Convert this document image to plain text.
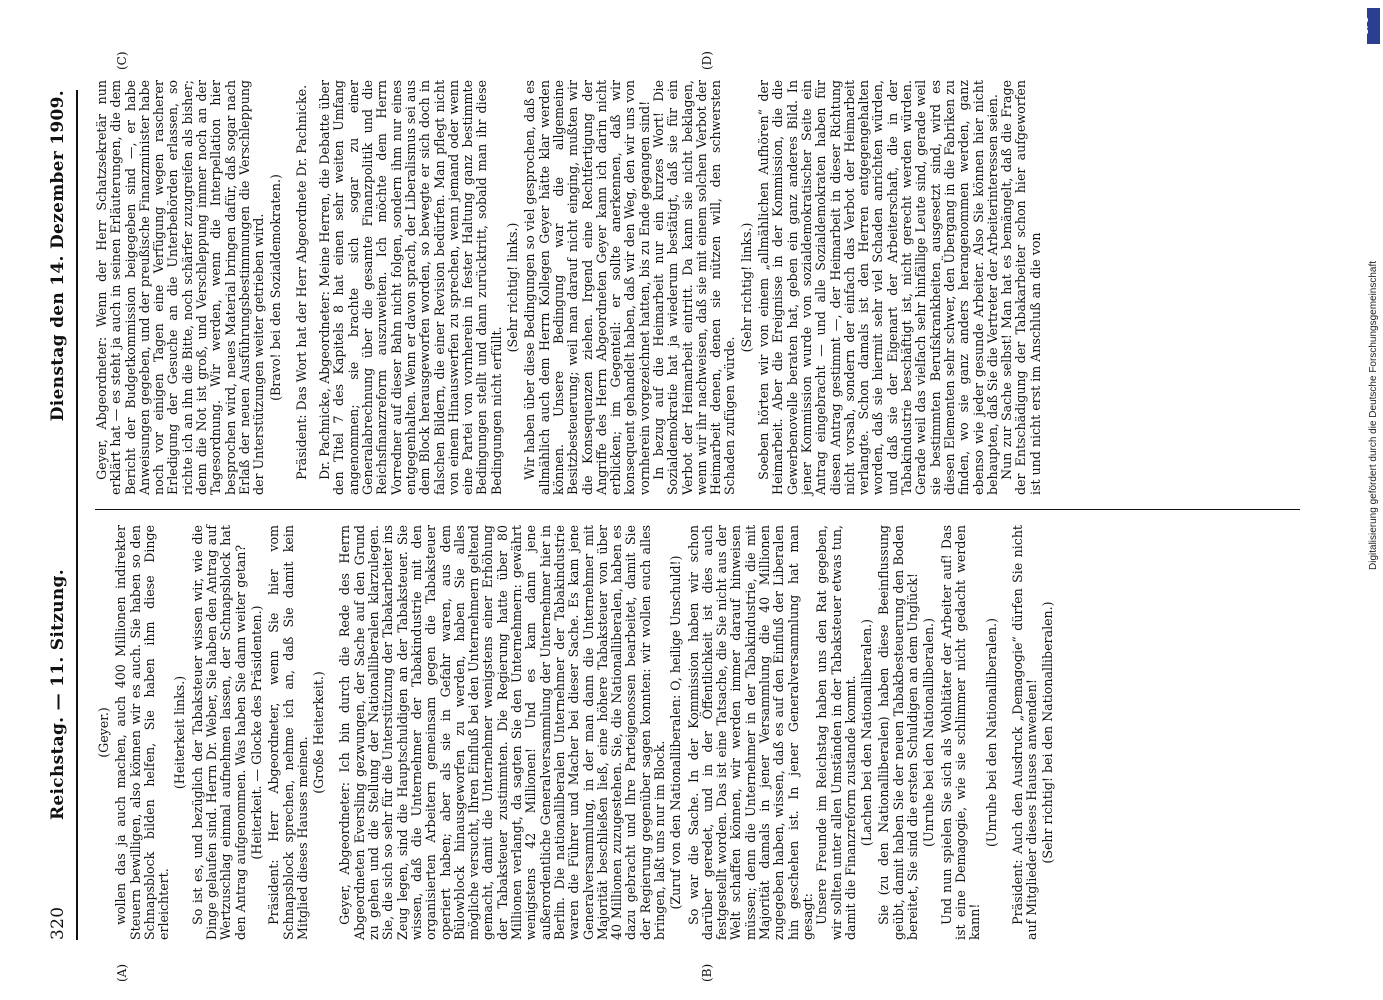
320
Reichstag. — 11. Sitzung.
Dienstag den 14. Dezember 1909.
(A)	(B)
(C)	(D)

(Geyer.) wollen das ja auch machen, auch 400 Millionen indirekter Steuern bewilligen, also können wir es auch. Sie haben so den Schnapsblock bilden helfen, Sie haben ihm diese Dinge erleichtert.

(Heiterkeit links.) So ist es, und bezüglich der Tabaksteuer wissen wir, wie die Dinge gelaufen sind. Herrn Dr. Weber, Sie haben den Antrag auf Wertzuschlag einmal aufnehmen lassen, der Schnapsblock hat den Antrag aufgenommen. Was haben Sie dann weiter getan? (Heiterkeit. — Glocke des Präsidenten.) Präsident: Herr Abgeordneter, wenn Sie hier vom Schnapsblock sprechen, nehme ich an, daß Sie damit kein Mitglied dieses Hauses meinen.

(Große Heiterkeit.) Geyer, Abgeordneter: Ich bin durch die Rede des Herrn Abgeordneten Eversling gezwungen, der Sache auf den Grund zu gehen und die Stellung der Nationalliberalen klarzulegen. Sie, die sich so sehr für die Unterstützung der Tabakarbeiter ins Zeug legen, sind die Hauptschuldigen an der Tabaksteuer. Sie wissen, daß die Unternehmer der Tabakindustrie mit den organisierten Arbeitern gemeinsam gegen die Tabaksteuer operiert haben; aber als sie in Gefahr waren, aus dem Bülowblock hinausgeworfen zu werden, haben Sie alles mögliche versucht, Ihren Einfluß bei den Unternehmern geltend gemacht, damit die Unternehmer wenigstens einer Erhöhung der Tabaksteuer zustimmten. Die Regierung hatte über 80 Millionen verlangt, da sagten Sie den Unternehmern: gewährt wenigstens 42 Millionen! Und es kam dann jene außerordentliche Generalversammlung der Unternehmer hier in Berlin. Die nationalliberalen Unternehmer der Tabakindustrie waren die Führer und Macher bei dieser Sache. Es kam jene Generalversammlung, in der man dann die Unternehmer mit Majorität beschließen ließ, eine höhere Tabaksteuer von über 40 Millionen zuzugestehen. Sie, die Nationalliberalen, haben es dazu gebracht und Ihre Parteigenossen bearbeitet, damit Sie der Regierung gegenüber sagen konnten: wir wollen euch alles bringen, laßt uns nur im Block. (Zuruf von den Nationalliberalen: O, heilige Unschuld!) So war die Sache. In der Kommission haben wir schon darüber geredet, und in der Öffentlichkeit ist dies auch festgestellt worden. Das ist eine Tatsache, die Sie nicht aus der Welt schaffen können, wir werden immer darauf hinweisen müssen; denn die Unternehmer in der Tabakindustrie, die mit Majorität damals in jener Versammlung die 40 Millionen zugegeben haben, wissen, daß es auf den Einfluß der Liberalen hin geschehen ist. In jener Generalversammlung hat man gesagt: Unsere Freunde im Reichstag haben uns den Rat gegeben, wir sollten unter allen Umständen in der Tabaksteuer etwas tun, damit die Finanzreform zustande kommt. (Lachen bei den Nationalliberalen.) Sie (zu den Nationalliberalen) haben diese Beeinflussung geübt, damit haben Sie der neuen Tabakbesteuerung den Boden bereitet, Sie sind die ersten Schuldigen an dem Unglück! (Unruhe bei den Nationalliberalen.) Und nun spielen Sie sich als Wohltäter der Arbeiter auf! Das ist eine Demagogie, wie sie schlimmer nicht gedacht werden kann!

(Unruhe bei den Nationalliberalen.) Präsident: Auch den Ausdruck „Demagogie“ dürfen Sie nicht auf Mitglieder dieses Hauses anwenden! (Sehr richtig! bei den Nationalliberalen.)

Geyer, Abgeordneter: Wenn der Herr Schatzsekretär nun erklärt hat — es steht ja auch in seinen Erläuterungen, die dem Bericht der Budgetkommission beigegeben sind —, er habe Anweisungen gegeben, und der preußische Finanzminister habe noch vor einigen Tagen eine Verfügung wegen rascherer Erledigung der Gesuche an die Unterbehörden erlassen, so richte ich an ihn die Bitte, noch schärfer zuzugreifen als bisher; denn die Not ist groß, und Verschleppung immer noch an der Tagesordnung. Wir werden, wenn die Interpellation hier besprochen wird, neues Material bringen dafür, daß sogar nach Erlaß der neuen Ausführungsbestimmungen die Verschleppung der Unterstützungen weiter getrieben wird. (Bravo! bei den Sozialdemokraten.) Präsident: Das Wort hat der Herr Abgeordnete Dr. Pachnicke. Dr. Pachnicke, Abgeordneter: Meine Herren, die Debatte über den Titel 7 des Kapitels 8 hat einen sehr weiten Umfang angenommen; sie brachte sich sogar zu einer Generalabrechnung über die gesamte Finanzpolitik und die Reichsfinanzreform auszuweiten. Ich möchte dem Herrn Vorredner auf dieser Bahn nicht folgen, sondern ihm nur eines entgegenhalten. Wenn er davon sprach, der Liberalismus sei aus dem Block herausgeworfen worden, so bewegte er sich doch in falschen Bildern, die einer Revision bedürfen. Man pflegt nicht von einem Hinauswerfen zu sprechen, wenn jemand oder wenn eine Partei von vornherein in fester Haltung ganz bestimmte Bedingungen stellt und dann zurücktritt, sobald man ihr diese Bedingungen nicht erfüllt.

(Sehr richtig! links.) Wir haben über diese Bedingungen so viel gesprochen, daß es allmählich auch dem Herrn Kollegen Geyer hätte klar werden können. Unsere Bedingung war die allgemeine Besitzbesteuerung; weil man darauf nicht einging, mußten wir die Konsequenzen ziehen. Irgend eine Rechtfertigung der Angriffe des Herrn Abgeordneten Geyer kann ich darin nicht erblicken; im Gegenteil: er sollte anerkennen, daß wir konsequent gehandelt haben, daß wir den Weg, den wir uns von vornherein vorgezeichnet hatten, bis zu Ende gegangen sind! In bezug auf die Heimarbeit nur ein kurzes Wort! Die Sozialdemokratie hat ja wiederum bestätigt, daß sie für ein Verbot der Heimarbeit eintritt. Da kann sie nicht beklagen, wenn wir ihr nachweisen, daß sie mit einem solchen Verbot der Heimarbeit denen, denen sie nützen will, den schwersten Schaden zufügen würde.

(Sehr richtig! links.) Soeben hörten wir von einem „allmählichen Aufhören“ der Heimarbeit. Aber die Ereignisse in der Kommission, die die Gewerbenovelle beraten hat, geben ein ganz anderes Bild. In jener Kommission wurde von sozialdemokratischer Seite ein Antrag eingebracht — und alle Sozialdemokraten haben für diesen Antrag gestimmt —, der Heimarbeit in dieser Richtung nicht vorsah, sondern der einfach das Verbot der Heimarbeit verlangte. Schon damals ist den Herren entgegengehalten worden, daß sie hiermit sehr viel Schaden anrichten würden, und daß sie der Eigenart der Arbeiterschaft, die in der Tabakindustrie beschäftigt ist, nicht gerecht werden würden. Gerade weil das vielfach sehr hinfällige Leute sind, gerade weil sie bestimmten Berufskrankheiten ausgesetzt sind, wird es diesen Elementen sehr schwer, den Übergang in die Fabriken zu finden, wo sie ganz anders herangenommen werden, ganz ebenso wie jeder gesunde Arbeiter. Also Sie können hier nicht behaupten, daß Sie die Vertreter der Arbeiterinteressen seien. Nun zur Sache selbst! Man hat es bemängelt, daß die Frage der Entschädigung der Tabakarbeiter schon hier aufgeworfen ist und nicht erst im Anschluß an die von	Digitalisierung gefördert durch die Deutsche Forschungsgemeinschaft
DFG
